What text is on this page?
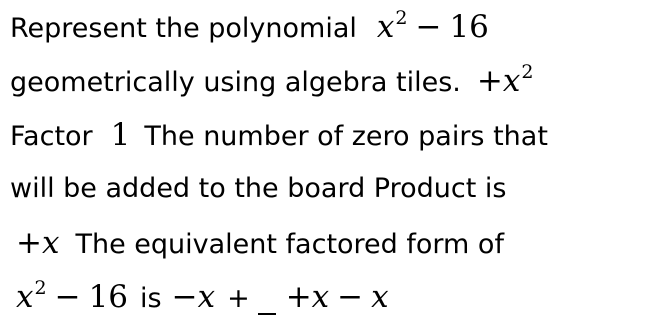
Represent the polynomial $x^2 - 16$
geometrically using algebra tiles. $+x^2$
Factor 1 The number of zero pairs that
will be added to the board Product is
+x The equivalent factored form of
$x^2 - 16$ is −x + +x − x
